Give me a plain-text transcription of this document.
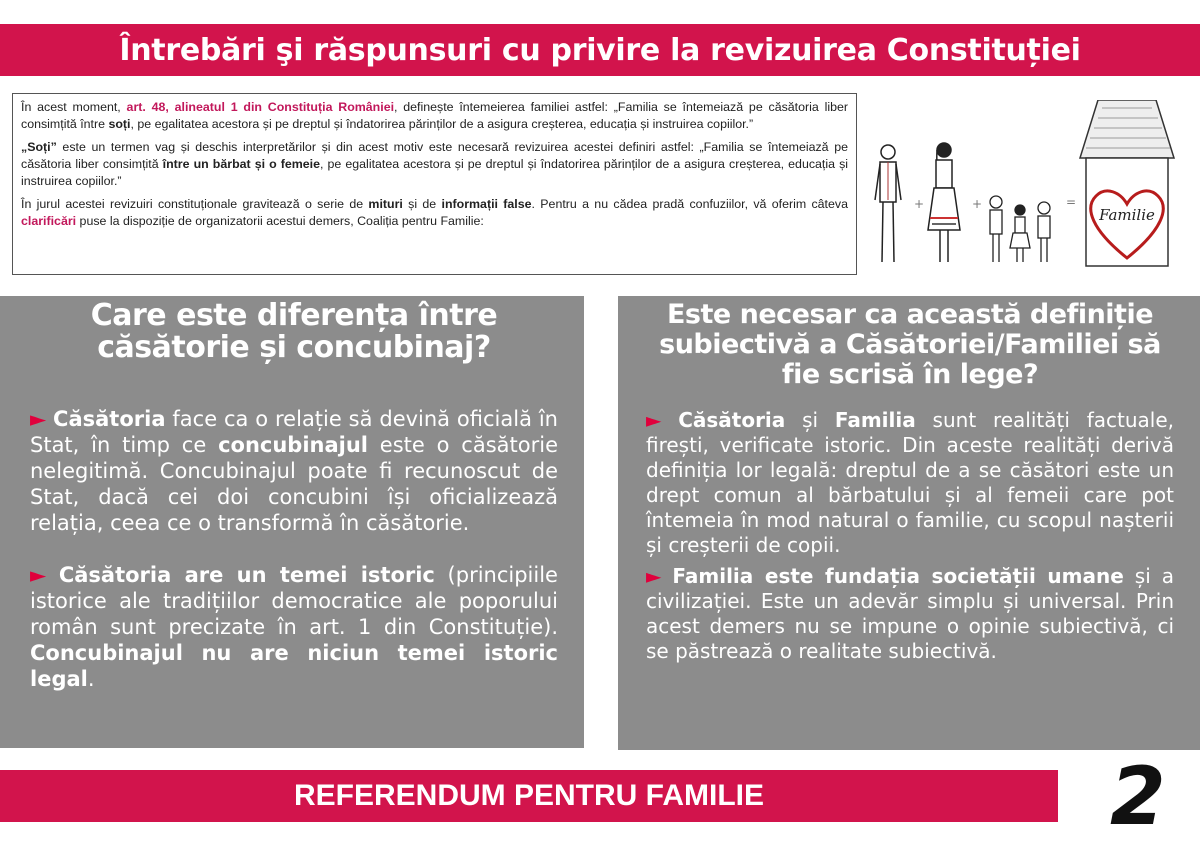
Întrebări şi răspunsuri cu privire la revizuirea Constituției

În acest moment, art. 48, alineatul 1 din Constituția României, definește întemeierea familiei astfel: „Familia se întemeiază pe căsătoria liber consimțită între soți, pe egalitatea acestora și pe dreptul și îndatorirea părinților de a asigura creșterea, educația și instruirea copiilor.”

„Soți” este un termen vag și deschis interpretărilor și din acest motiv este necesară revizuirea acestei definiri astfel: „Familia se întemeiază pe căsătoria liber consimțită între un bărbat și o femeie, pe egalitatea acestora și pe dreptul și îndatorirea părinților de a asigura creșterea, educația și instruirea copiilor.”

În jurul acestei revizuiri constituționale gravitează o serie de mituri și de informații false. Pentru a nu cădea pradă confuziilor, vă oferim câteva clarificări puse la dispoziție de organizatorii acestui demers, Coaliția pentru Familie:

+	+	=
Familie
Care este diferența între căsătorie și concubinaj?

► Căsătoria face ca o relație să devină oficială în Stat, în timp ce concubinajul este o căsătorie nelegitimă. Concubinajul poate fi recunoscut de Stat, dacă cei doi concubini își oficializează relația, ceea ce o transformă în căsătorie.

► Căsătoria are un temei istoric (principiile istorice ale tradițiilor democratice ale poporului român sunt precizate în art. 1 din Constituție). Concubinajul nu are niciun temei istoric legal.

Este necesar ca această definiție subiectivă a Căsătoriei/Familiei să fie scrisă în lege?

► Căsătoria și Familia sunt realități factuale, firești, verificate istoric. Din aceste realități derivă definiția lor legală: dreptul de a se căsători este un drept comun al bărbatului și al femeii care pot întemeia în mod natural o familie, cu scopul nașterii și creșterii de copii.

► Familia este fundația societății umane și a civilizației. Este un adevăr simplu și universal. Prin acest demers nu se impune o opinie subiectivă, ci se păstrează o realitate subiectivă.

REFERENDUM PENTRU FAMILIE	2
